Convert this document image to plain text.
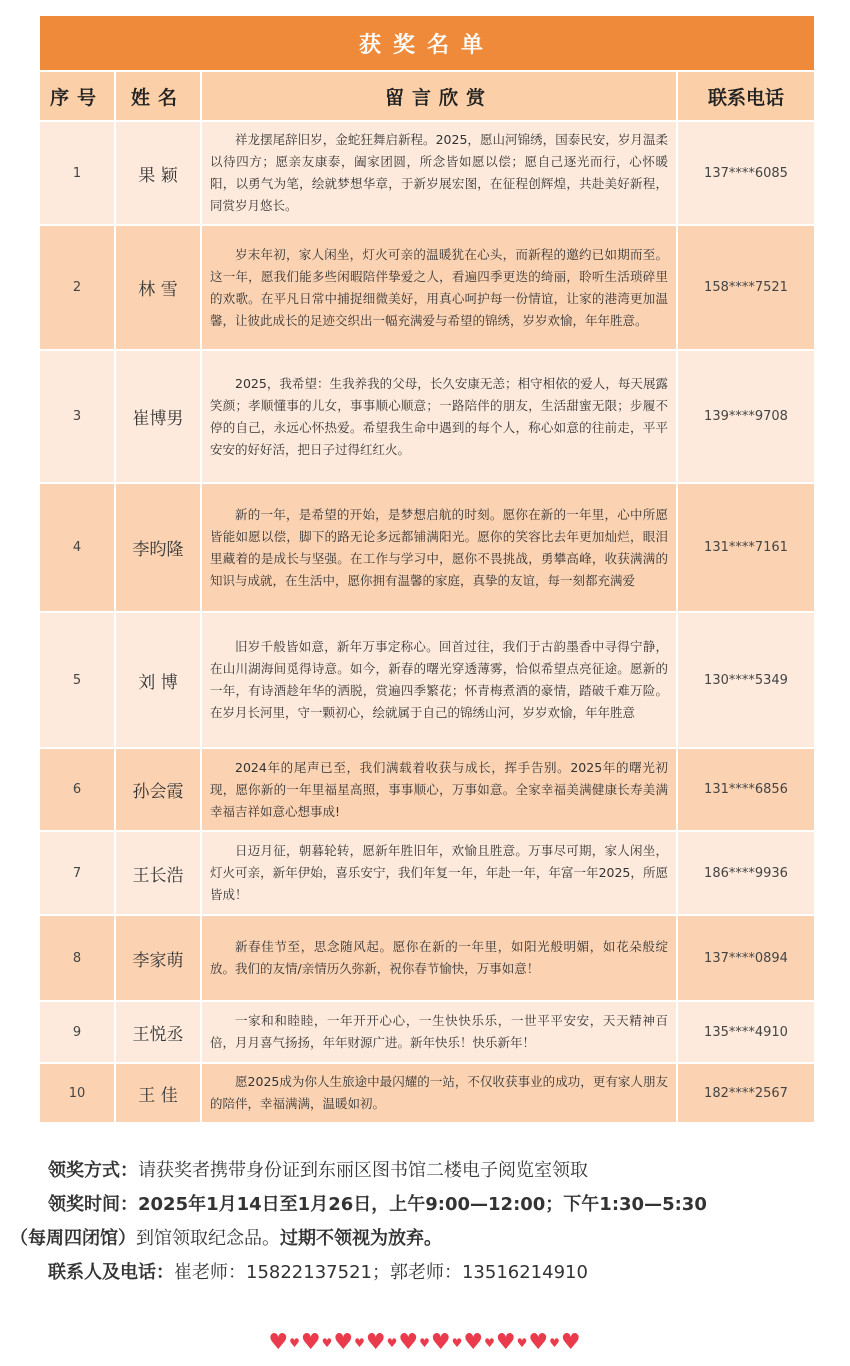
获奖名单			
序号	姓名	留言欣赏	联系电话
1	果 颖	祥龙摆尾辞旧岁，金蛇狂舞启新程。2025，愿山河锦绣，国泰民安，岁月温柔以待四方；愿亲友康泰，阖家团圆，所念皆如愿以偿；愿自己逐光而行，心怀暖阳，以勇气为笔，绘就梦想华章，于新岁展宏图，在征程创辉煌，共赴美好新程，同赏岁月悠长。	137****6085
2	林 雪	岁末年初，家人闲坐，灯火可亲的温暖犹在心头，而新程的邀约已如期而至。这一年，愿我们能多些闲暇陪伴挚爱之人，看遍四季更迭的绮丽，聆听生活琐碎里的欢歌。在平凡日常中捕捉细微美好，用真心呵护每一份情谊，让家的港湾更加温馨，让彼此成长的足迹交织出一幅充满爱与希望的锦绣，岁岁欢愉，年年胜意。	158****7521
3	崔博男	2025，我希望：生我养我的父母，长久安康无恙；相守相依的爱人，每天展露笑颜；孝顺懂事的儿女，事事顺心顺意；一路陪伴的朋友，生活甜蜜无限；步履不停的自己，永远心怀热爱。希望我生命中遇到的每个人，称心如意的往前走，平平安安的好好活，把日子过得红红火。	139****9708
4	李昀隆	新的一年，是希望的开始，是梦想启航的时刻。愿你在新的一年里，心中所愿皆能如愿以偿，脚下的路无论多远都铺满阳光。愿你的笑容比去年更加灿烂，眼泪里藏着的是成长与坚强。在工作与学习中，愿你不畏挑战，勇攀高峰，收获满满的知识与成就，在生活中，愿你拥有温馨的家庭，真挚的友谊，每一刻都充满爱	131****7161
5	刘 博	旧岁千般皆如意，新年万事定称心。回首过往，我们于古韵墨香中寻得宁静，在山川湖海间觅得诗意。如今，新春的曙光穿透薄雾，恰似希望点亮征途。愿新的一年，有诗酒趁年华的洒脱，赏遍四季繁花；怀青梅煮酒的豪情，踏破千难万险。在岁月长河里，守一颗初心，绘就属于自己的锦绣山河，岁岁欢愉，年年胜意	130****5349
6	孙会霞	2024年的尾声已至，我们满载着收获与成长，挥手告别。2025年的曙光初现，愿你新的一年里福星高照，事事顺心，万事如意。全家幸福美满健康长寿美满幸福吉祥如意心想事成!	131****6856
7	王长浩	日迈月征，朝暮轮转，愿新年胜旧年，欢愉且胜意。万事尽可期，家人闲坐，灯火可亲，新年伊始，喜乐安宁，我们年复一年，年赴一年，年富一年2025，所愿皆成！	186****9936
8	李家萌	新春佳节至，思念随风起。愿你在新的一年里，如阳光般明媚，如花朵般绽放。我们的友情/亲情历久弥新，祝你春节愉快，万事如意！	137****0894
9	王悦丞	一家和和睦睦，一年开开心心，一生快快乐乐，一世平平安安，天天精神百倍，月月喜气扬扬，年年财源广进。新年快乐！快乐新年！	135****4910
10	王 佳	愿2025成为你人生旅途中最闪耀的一站，不仅收获事业的成功，更有家人朋友的陪伴，幸福满满，温暖如初。	182****2567
领奖方式：请获奖者携带身份证到东丽区图书馆二楼电子阅览室领取
领奖时间：2025年1月14日至1月26日，上午9:00—12:00；下午1:30—5:30
（每周四闭馆）到馆领取纪念品。过期不领视为放弃。
联系人及电话：崔老师：15822137521；郭老师：13516214910
♥♥♥♥♥♥♥♥♥♥♥♥♥♥♥♥♥♥♥
